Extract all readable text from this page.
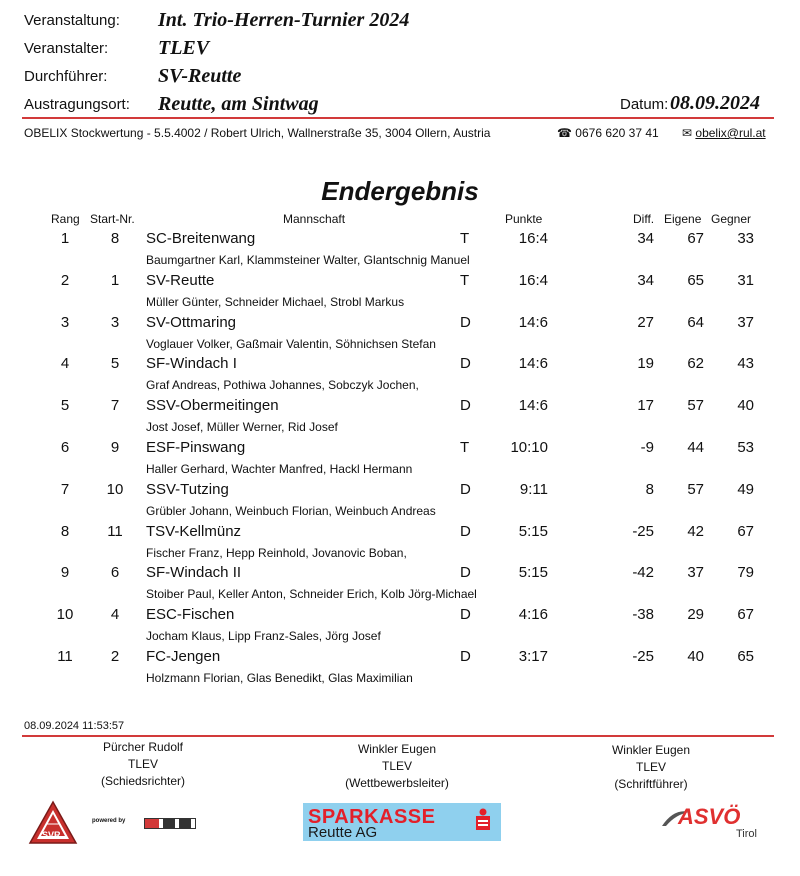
Veranstaltung: Int. Trio-Herren-Turnier 2024
Veranstalter: TLEV
Durchführer:	SV-Reutte
Austragungsort: Reutte, am Sintwag	Datum: 08.09.2024
OBELIX Stockwertung - 5.5.4002 / Robert Ulrich, Wallnerstraße 35, 3004 Ollern, Austria	☎ 0676 620 37 41 ✉ obelix@rul.at
Endergebnis
Rang Start-Nr.	Mannschaft	Punkte	Diff. Eigene Gegner
1	8	SC-Breitenwang	T	16:4	34	67	33
Baumgartner Karl, Klammsteiner Walter, Glantschnig Manuel
2	1	SV-Reutte	T	16:4	34	65	31
Müller Günter, Schneider Michael, Strobl Markus
3	3	SV-Ottmaring	D	14:6	27	64	37
Voglauer Volker, Gaßmair Valentin, Söhnichsen Stefan
4	5	SF-Windach I	D	14:6	19	62	43
Graf Andreas, Pothiwa Johannes, Sobczyk Jochen,
5	7	SSV-Obermeitingen	D	14:6	17	57	40
Jost Josef, Müller Werner, Rid Josef
6	9	ESF-Pinswang	T	10:10	-9	44	53
Haller Gerhard, Wachter Manfred, Hackl Hermann
7	10	SSV-Tutzing	D	9:11	8	57	49
Grübler Johann, Weinbuch Florian, Weinbuch Andreas
8	11	TSV-Kellmünz	D	5:15	-25	42	67
Fischer Franz, Hepp Reinhold, Jovanovic Boban,
9	6	SF-Windach II	D	5:15	-42	37	79
Stoiber Paul, Keller Anton, Schneider Erich, Kolb Jörg-Michael
10	4	ESC-Fischen	D	4:16	-38	29	67
Jocham Klaus, Lipp Franz-Sales, Jörg Josef
11	2	FC-Jengen	D	3:17	-25	40	65
Holzmann Florian, Glas Benedikt, Glas Maximilian
08.09.2024 11:53:57
Pürcher Rudolf
TLEV
(Schiedsrichter)
Winkler Eugen
TLEV
(Wettbewerbsleiter)
Winkler Eugen
TLEV
(Schriftführer)
SVR
powered by	SPARKASSE
Reutte AG
ASVÖ
Tirol
